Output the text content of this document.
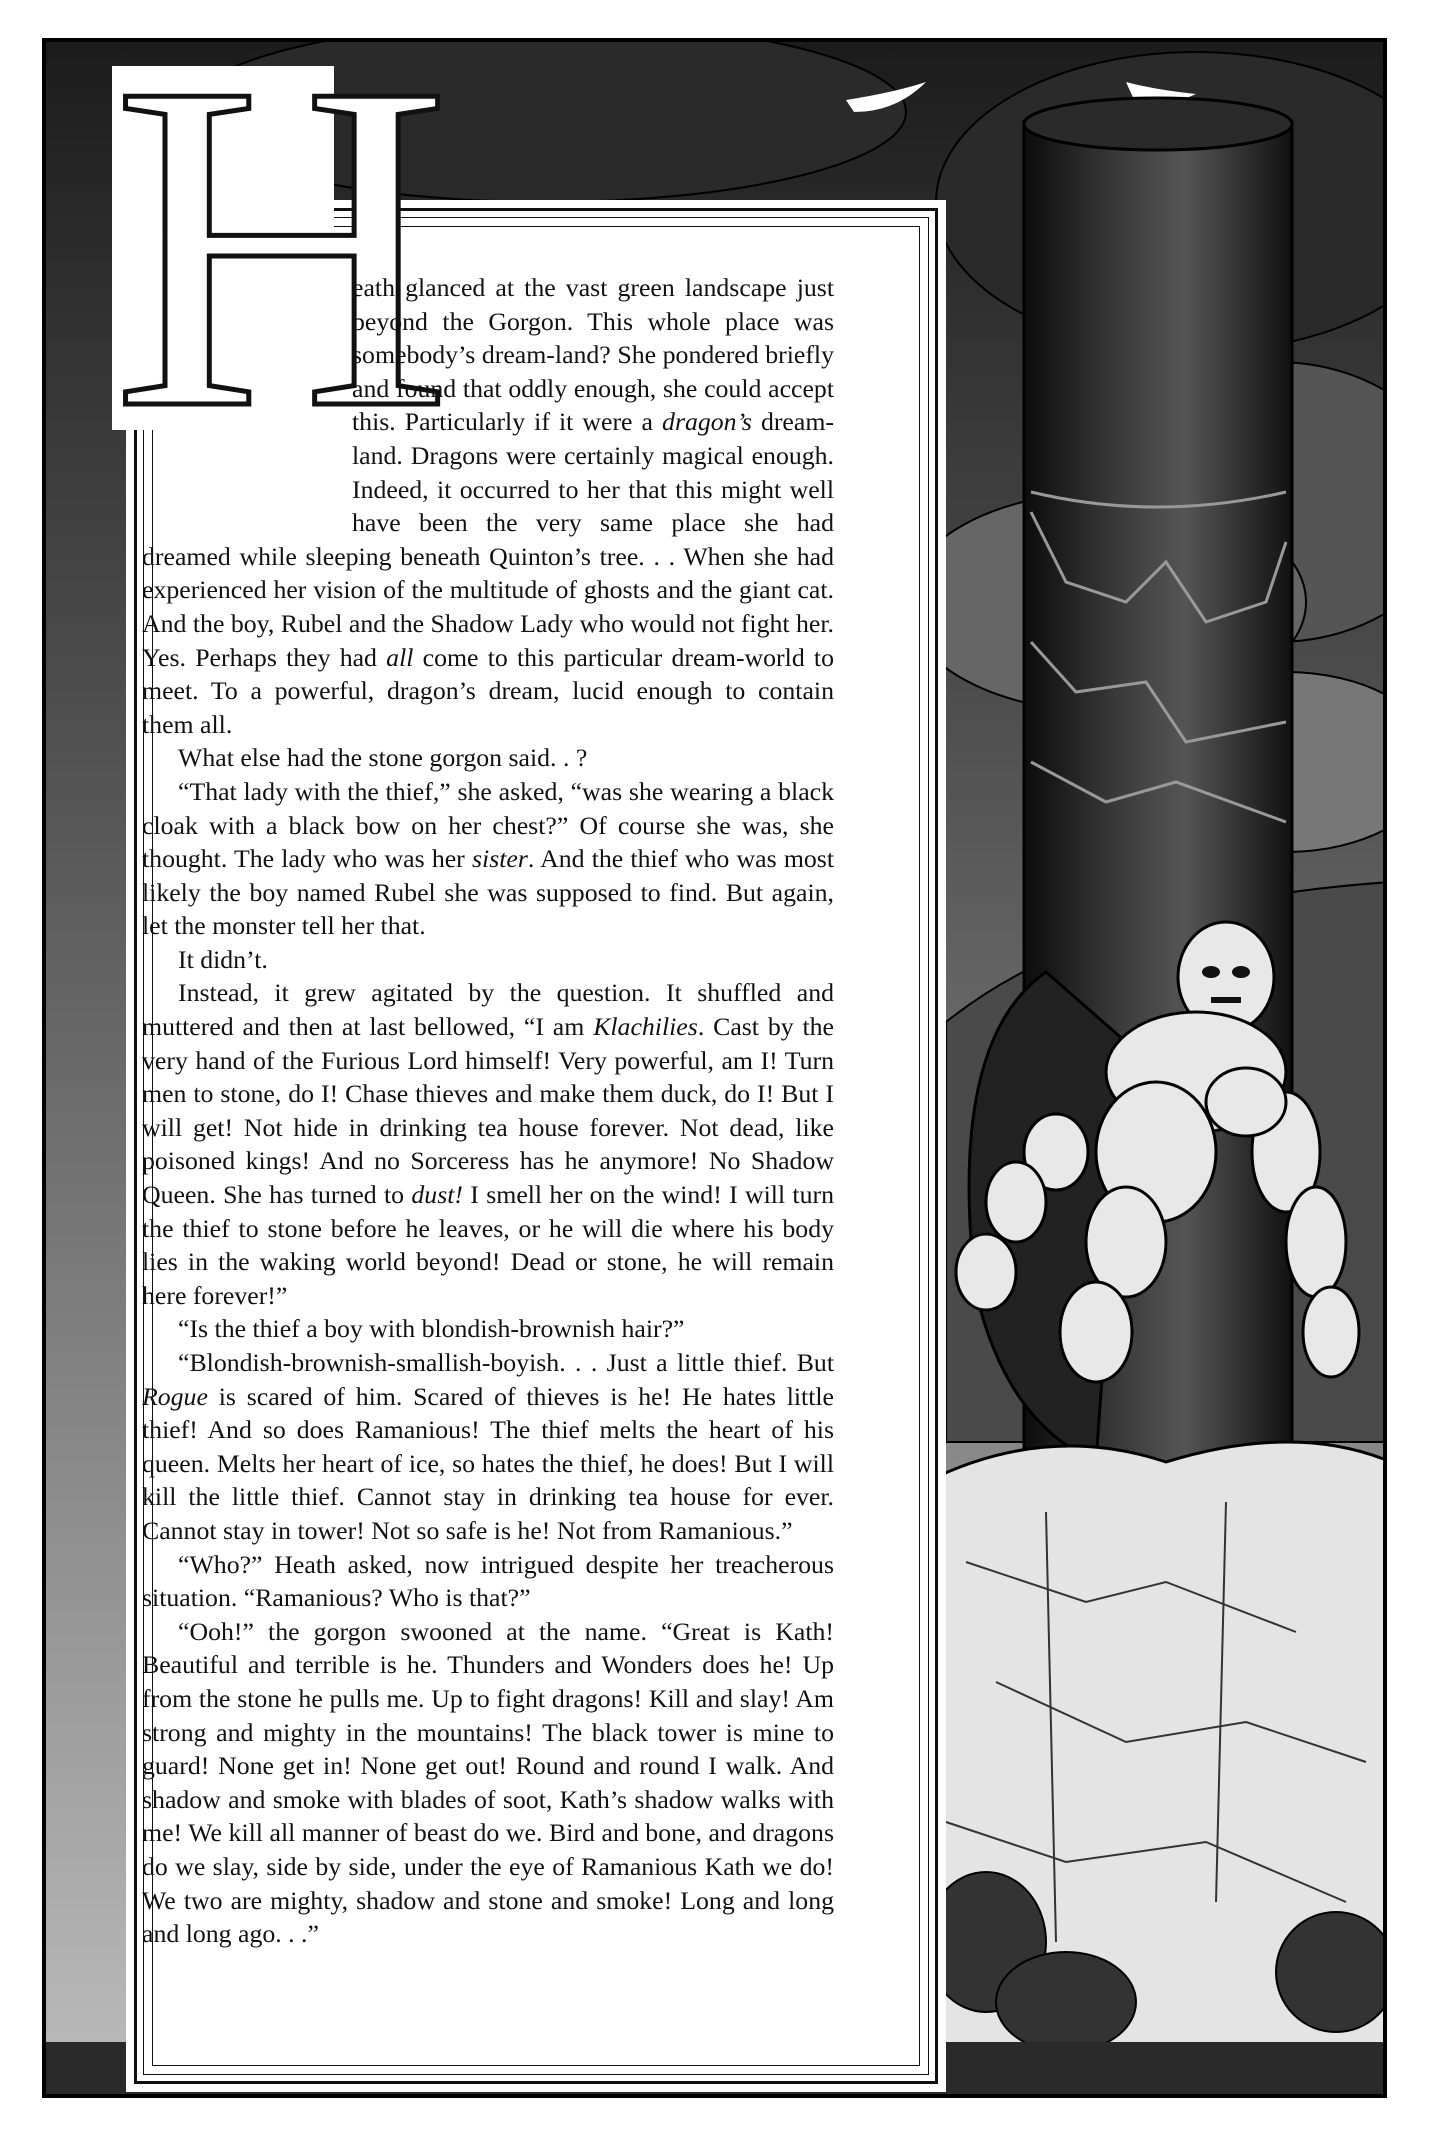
H

eath glanced at the vast green landscape just beyond the Gorgon. This whole place was somebody’s dream-land? She pondered briefly and found that oddly enough, she could accept this. Particularly if it were a dragon’s dream-land. Dragons were certainly magical enough. Indeed, it occurred to her that this might well have been the very same place she had dreamed while sleeping beneath Quinton’s tree. . . When she had experienced her vision of the multitude of ghosts and the giant cat. And the boy, Rubel and the Shadow Lady who would not fight her. Yes. Perhaps they had all come to this particular dream-world to meet. To a powerful, dragon’s dream, lucid enough to contain them all.

What else had the stone gorgon said. . ?

“That lady with the thief,” she asked, “was she wearing a black cloak with a black bow on her chest?” Of course she was, she thought. The lady who was her sister. And the thief who was most likely the boy named Rubel she was supposed to find. But again, let the monster tell her that.

It didn’t.

Instead, it grew agitated by the question. It shuffled and muttered and then at last bellowed, “I am Klachilies. Cast by the very hand of the Furious Lord himself! Very powerful, am I! Turn men to stone, do I! Chase thieves and make them duck, do I! But I will get! Not hide in drinking tea house forever. Not dead, like poisoned kings! And no Sorceress has he anymore! No Shadow Queen. She has turned to dust! I smell her on the wind! I will turn the thief to stone before he leaves, or he will die where his body lies in the waking world beyond! Dead or stone, he will remain here forever!”

“Is the thief a boy with blondish-brownish hair?”

“Blondish-brownish-smallish-boyish. . . Just a little thief. But Rogue is scared of him. Scared of thieves is he! He hates little thief! And so does Ramanious! The thief melts the heart of his queen. Melts her heart of ice, so hates the thief, he does! But I will kill the little thief. Cannot stay in drinking tea house for ever. Cannot stay in tower! Not so safe is he! Not from Ramanious.”

“Who?” Heath asked, now intrigued despite her treacherous situation. “Ramanious? Who is that?”

“Ooh!” the gorgon swooned at the name. “Great is Kath! Beautiful and terrible is he. Thunders and Wonders does he! Up from the stone he pulls me. Up to fight dragons! Kill and slay! Am strong and mighty in the mountains! The black tower is mine to guard! None get in! None get out! Round and round I walk. And shadow and smoke with blades of soot, Kath’s shadow walks with me! We kill all manner of beast do we. Bird and bone, and dragons do we slay, side by side, under the eye of Ramanious Kath we do! We two are mighty, shadow and stone and smoke! Long and long and long ago. . .”
